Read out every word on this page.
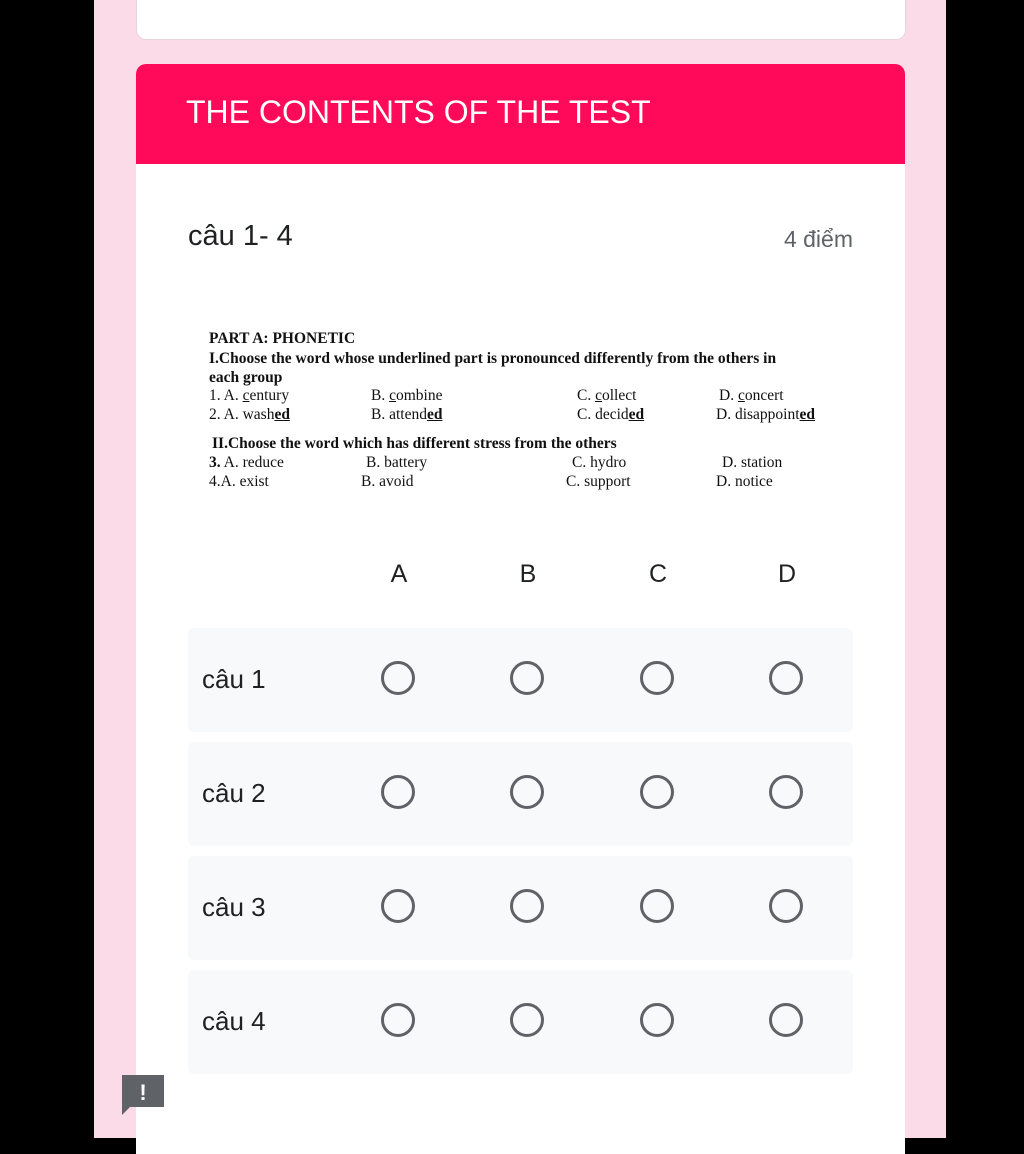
THE CONTENTS OF THE TEST
câu 1- 4	4 điểm
PART A: PHONETIC
I.Choose the word whose underlined part is pronounced differently from the others in
each group
1. A. century	B. combine	C. collect	D. concert
2. A. washed	B. attended	C. decided	D. disappointed
II.Choose the word which has different stress from the others
3. A. reduce	B. battery	C. hydro	D. station
4.A. exist	B. avoid	C. support	D. notice
A	B	C	D
câu 1
câu 2
câu 3
câu 4
!
